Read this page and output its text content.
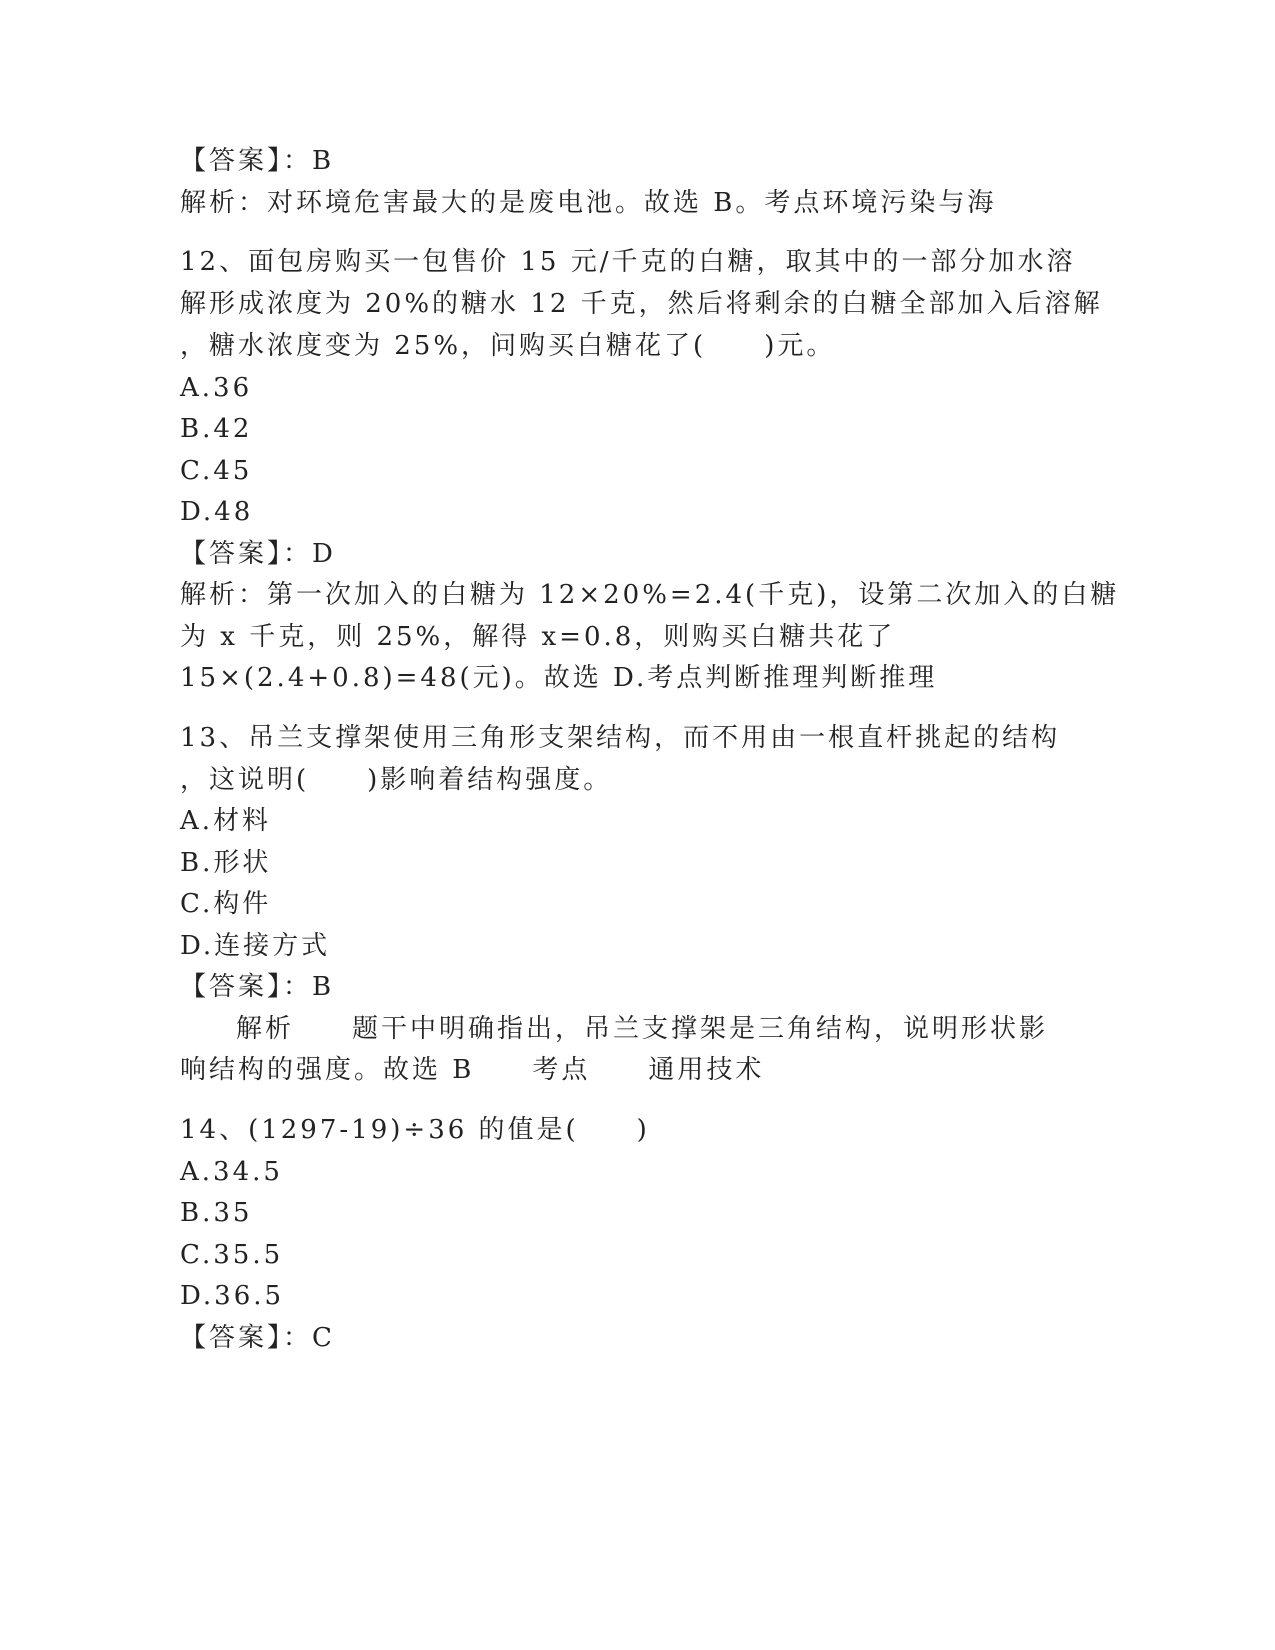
【答案】：B
解析：对环境危害最大的是废电池。故选 B。考点环境污染与海
12、面包房购买一包售价 15 元/千克的白糖，取其中的一部分加水溶
解形成浓度为 20%的糖水 12 千克，然后将剩余的白糖全部加入后溶解
，糖水浓度变为 25%，问购买白糖花了(　　)元。
A.36
B.42
C.45
D.48
【答案】：D
解析：第一次加入的白糖为 12×20%=2.4(千克)，设第二次加入的白糖
为 x 千克，则 25%，解得 x=0.8，则购买白糖共花了
15×(2.4+0.8)=48(元)。故选 D.考点判断推理判断推理
13、吊兰支撑架使用三角形支架结构，而不用由一根直杆挑起的结构
，这说明(　　)影响着结构强度。
A.材料
B.形状
C.构件
D.连接方式
【答案】：B
解析　　题干中明确指出，吊兰支撑架是三角结构，说明形状影
响结构的强度。故选 B　　考点　　通用技术
14、(1297-19)÷36 的值是(　　)
A.34.5
B.35
C.35.5
D.36.5
【答案】：C
